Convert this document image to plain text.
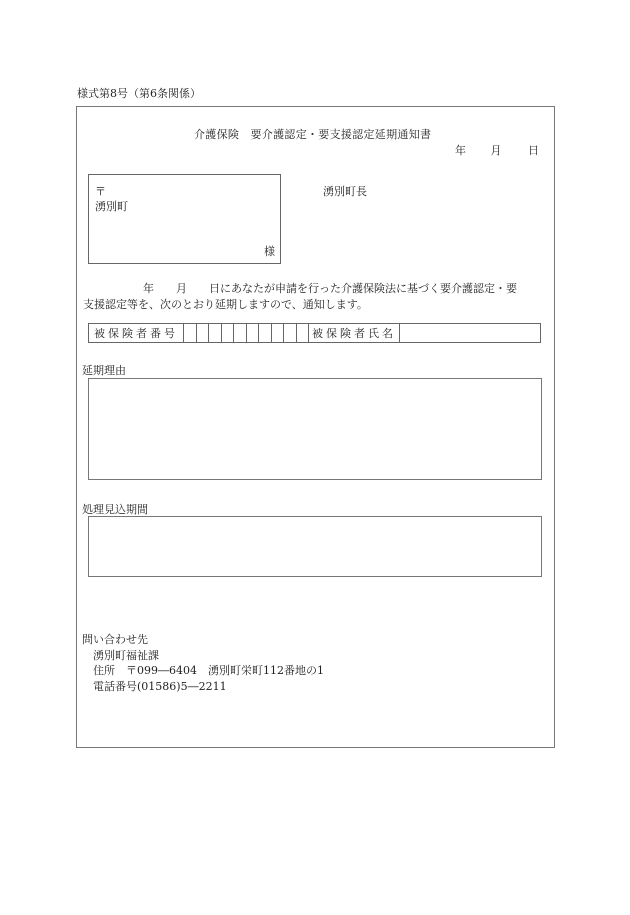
様式第8号（第6条関係）
介護保険　要介護認定・要支援認定延期通知書
年 月 日
〒
湧別町
様
湧別町長
年　　月　　日にあなたが申請を行った介護保険法に基づく要介護認定・要
支援認定等を、次のとおり延期しますので、通知します。
被保険者番号											被保険者氏名	
延期理由
処理見込期間
問い合わせ先
湧別町福祉課
住所　〒099―6404　湧別町栄町112番地の1
電話番号(01586)5―2211
